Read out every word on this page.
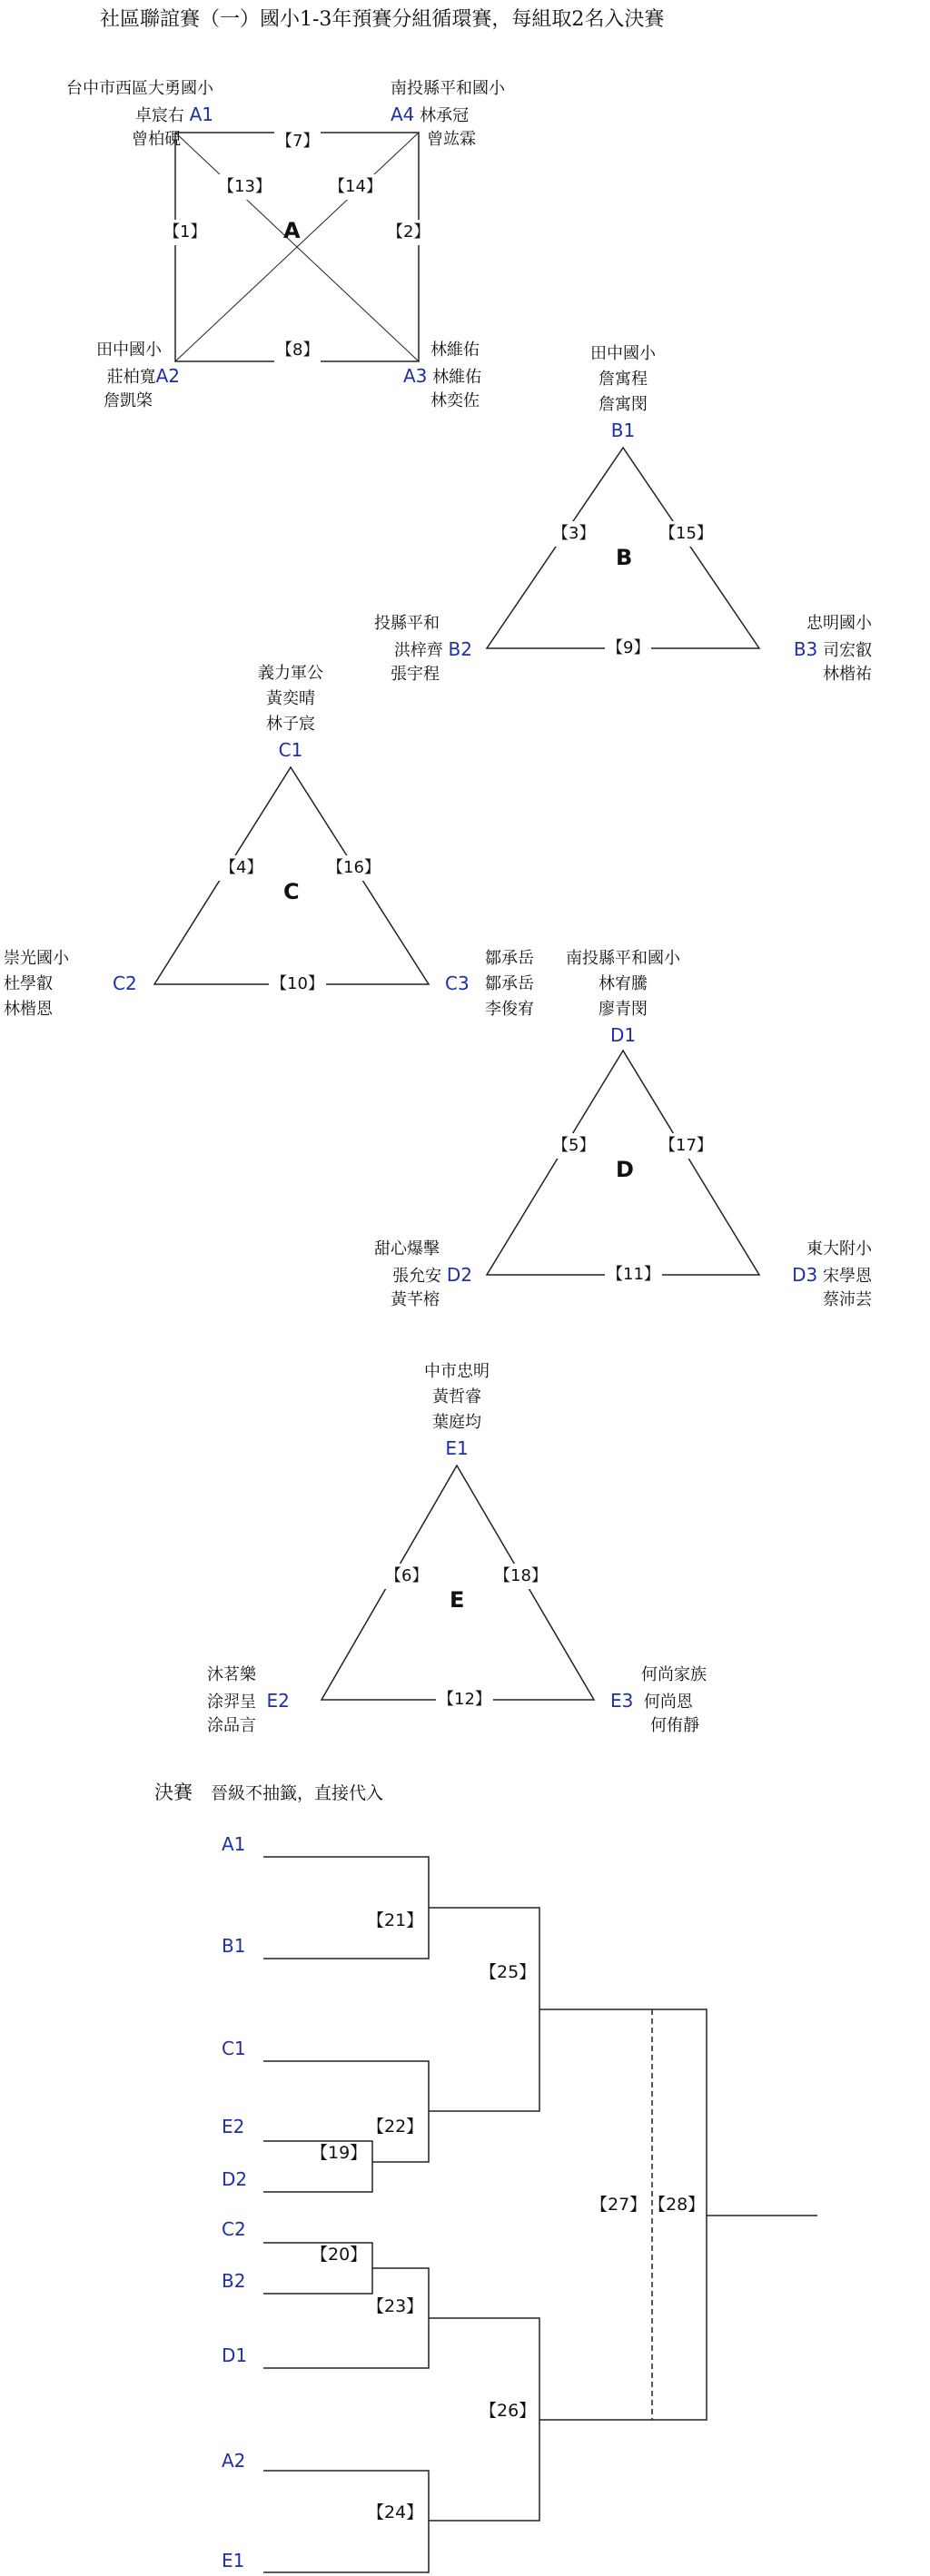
社區聯誼賽（一）國小1-3年預賽分組循環賽，每組取2名入決賽
台中市西區大勇國小
卓宸右 A1
曾柏硯
南投縣平和國小
A4 林承冠
曾竑霖
田中國小
莊柏寬A2
詹凱棨
林維佑
A3 林維佑
林奕佐
A
【7】
【13】	【14】
【1】	【2】
【8】	田中國小
詹寓程
詹寓閔
B1
投縣平和
洪梓齊 B2
張宇程
忠明國小
B3 司宏叡
林楷祐
B
【3】	【15】
【9】
義力軍公
黃奕晴
林子宸
C1
崇光國小
杜學叡
林楷恩
C2	C3
鄒承岳
鄒承岳
李俊宥
C
【4】	【16】
【10】
南投縣平和國小
林宥騰
廖青閔
D1
甜心爆擊
張允安 D2
黃芊榕
東大附小
D3 宋學恩
蔡沛芸
D
【5】	【17】
【11】
中市忠明
黃哲睿
葉庭均
E1
沐茗樂
涂羿呈 E2
涂品言
何尚家族
E3 何尚恩
何侑靜
E
【6】	【18】
【12】
決賽 晉級不抽籤，直接代入
A1
B1
C1
E2
D2
C2
B2
D1
A2
E1
【21】
【25】
【22】
【19】
【20】
【23】
【26】
【24】
【27】 【28】
